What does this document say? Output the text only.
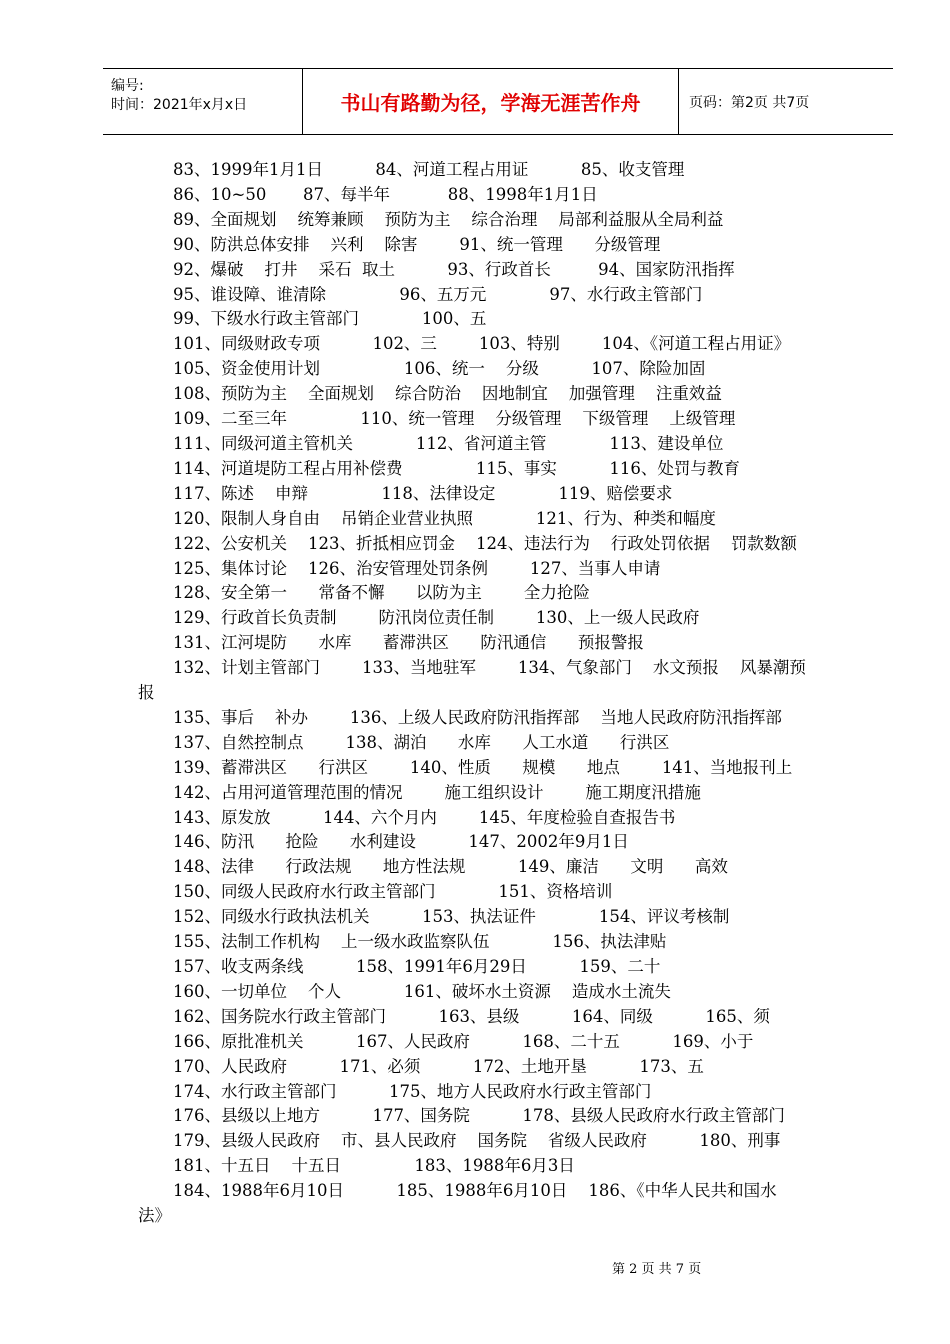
编号:
时间：2021年x月x日	书山有路勤为径，学海无涯苦作舟	页码：第2页 共7页
83、1999年1月1日          84、河道工程占用证          85、收支管理
86、10~50       87、每半年           88、1998年1月1日
89、全面规划    统筹兼顾    预防为主    综合治理    局部利益服从全局利益
90、防洪总体安排    兴利    除害        91、统一管理      分级管理
92、爆破    打井    采石  取土          93、行政首长         94、国家防汛指挥
95、谁设障、谁清除              96、五万元            97、水行政主管部门
99、下级水行政主管部门            100、五
101、同级财政专项          102、三        103、特别        104、《河道工程占用证》
105、资金使用计划                106、统一    分级          107、除险加固
108、预防为主    全面规划    综合防治    因地制宜    加强管理    注重效益
109、二至三年              110、统一管理    分级管理    下级管理    上级管理
111、同级河道主管机关            112、省河道主管            113、建设单位
114、河道堤防工程占用补偿费              115、事实          116、处罚与教育
117、陈述    申辩              118、法律设定            119、赔偿要求
120、限制人身自由    吊销企业营业执照            121、行为、种类和幅度
122、公安机关    123、折抵相应罚金    124、违法行为    行政处罚依据    罚款数额
125、集体讨论    126、治安管理处罚条例        127、当事人申请
128、安全第一      常备不懈      以防为主        全力抢险
129、行政首长负责制        防汛岗位责任制        130、上一级人民政府
131、江河堤防      水库      蓄滞洪区      防汛通信      预报警报
132、计划主管部门        133、当地驻军        134、气象部门    水文预报    风暴潮预
报
135、事后    补办        136、上级人民政府防汛指挥部    当地人民政府防汛指挥部
137、自然控制点        138、湖泊      水库      人工水道      行洪区
139、蓄滞洪区      行洪区        140、性质      规模      地点        141、当地报刊上
142、占用河道管理范围的情况        施工组织设计        施工期度汛措施
143、原发放          144、六个月内        145、年度检验自查报告书
146、防汛      抢险      水利建设          147、2002年9月1日
148、法律      行政法规      地方性法规          149、廉洁      文明      高效
150、同级人民政府水行政主管部门            151、资格培训
152、同级水行政执法机关          153、执法证件            154、评议考核制
155、法制工作机构    上一级水政监察队伍            156、执法津贴
157、收支两条线          158、1991年6月29日          159、二十
160、一切单位    个人            161、破坏水土资源    造成水土流失
162、国务院水行政主管部门          163、县级          164、同级          165、须
166、原批准机关          167、人民政府          168、二十五          169、小于
170、人民政府          171、必须          172、土地开垦          173、五
174、水行政主管部门          175、地方人民政府水行政主管部门
176、县级以上地方          177、国务院          178、县级人民政府水行政主管部门
179、县级人民政府    市、县人民政府    国务院    省级人民政府          180、刑事
181、十五日    十五日              183、1988年6月3日
184、1988年6月10日          185、1988年6月10日    186、《中华人民共和国水
法》
第 2 页 共 7 页
